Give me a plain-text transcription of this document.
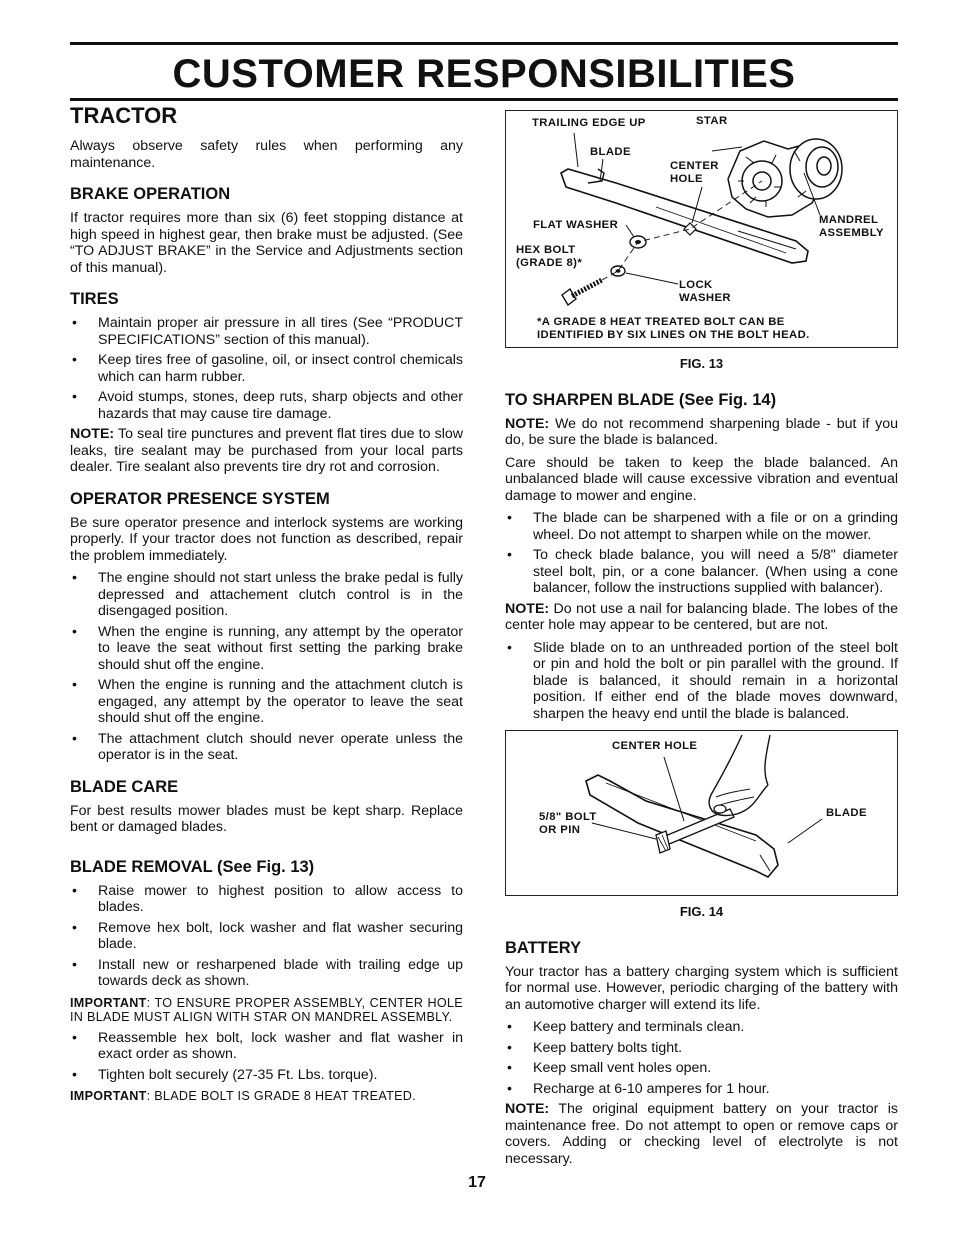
CUSTOMER RESPONSIBILITIES
TRACTOR

Always observe safety rules when performing any maintenance.

BRAKE OPERATION

If tractor requires more than six (6) feet stopping distance at high speed in highest gear, then brake must be adjusted. (See “TO ADJUST BRAKE” in the Service and Adjustments section of this manual).

TIRES
• Maintain proper air pressure in all tires (See “PRODUCT SPECIFICATIONS” section of this manual).
• Keep tires free of gasoline, oil, or insect control chemicals which can harm rubber.
• Avoid stumps, stones, deep ruts, sharp objects and other hazards that may cause tire damage.

NOTE: To seal tire punctures and prevent flat tires due to slow leaks, tire sealant may be purchased from your local parts dealer. Tire sealant also prevents tire dry rot and corrosion.

OPERATOR PRESENCE SYSTEM

Be sure operator presence and interlock systems are working properly. If your tractor does not function as described, repair the problem immediately.

• The engine should not start unless the brake pedal is fully depressed and attachement clutch control is in the disengaged position.
• When the engine is running, any attempt by the operator to leave the seat without first setting the parking brake should shut off the engine.
• When the engine is running and the attachment clutch is engaged, any attempt by the operator to leave the seat should shut off the engine.
• The attachment clutch should never operate unless the operator is in the seat.
BLADE CARE

For best results mower blades must be kept sharp. Replace bent or damaged blades.

BLADE REMOVAL (See Fig. 13)
• Raise mower to highest position to allow access to blades.
• Remove hex bolt, lock washer and flat washer securing blade.
• Install new or resharpened blade with trailing edge up towards deck as shown.

IMPORTANT: TO ENSURE PROPER ASSEMBLY, CENTER HOLE IN BLADE MUST ALIGN WITH STAR ON MANDREL ASSEMBLY.

• Reassemble hex bolt, lock washer and flat washer in exact order as shown.
• Tighten bolt securely (27-35 Ft. Lbs. torque).

IMPORTANT: BLADE BOLT IS GRADE 8 HEAT TREATED.

TRAILING EDGE UP	STAR
BLADE
CENTER
HOLE
FLAT WASHER	MANDREL
ASSEMBLY
HEX BOLT
(GRADE 8)*
LOCK
WASHER
*A GRADE 8 HEAT TREATED BOLT CAN BE
IDENTIFIED BY SIX LINES ON THE BOLT HEAD.
FIG. 13
TO SHARPEN BLADE (See Fig. 14)

NOTE: We do not recommend sharpening blade - but if you do, be sure the blade is balanced.

Care should be taken to keep the blade balanced. An unbalanced blade will cause excessive vibration and eventual damage to mower and engine.

• The blade can be sharpened with a file or on a grinding wheel. Do not attempt to sharpen while on the mower.
• To check blade balance, you will need a 5/8" diameter steel bolt, pin, or a cone balancer. (When using a cone balancer, follow the instructions supplied with balancer).

NOTE: Do not use a nail for balancing blade. The lobes of the center hole may appear to be centered, but are not.

• Slide blade on to an unthreaded portion of the steel bolt or pin and hold the bolt or pin parallel with the ground. If blade is balanced, it should remain in a horizontal position. If either end of the blade moves downward, sharpen the heavy end until the blade is balanced.
CENTER HOLE
5/8" BOLT
OR PIN
BLADE
FIG. 14
BATTERY

Your tractor has a battery charging system which is sufficient for normal use. However, periodic charging of the battery with an automotive charger will extend its life.

• Keep battery and terminals clean.
• Keep battery bolts tight.
• Keep small vent holes open.
• Recharge at 6-10 amperes for 1 hour.

NOTE: The original equipment battery on your tractor is maintenance free. Do not attempt to open or remove caps or covers. Adding or checking level of electrolyte is not necessary.

17
